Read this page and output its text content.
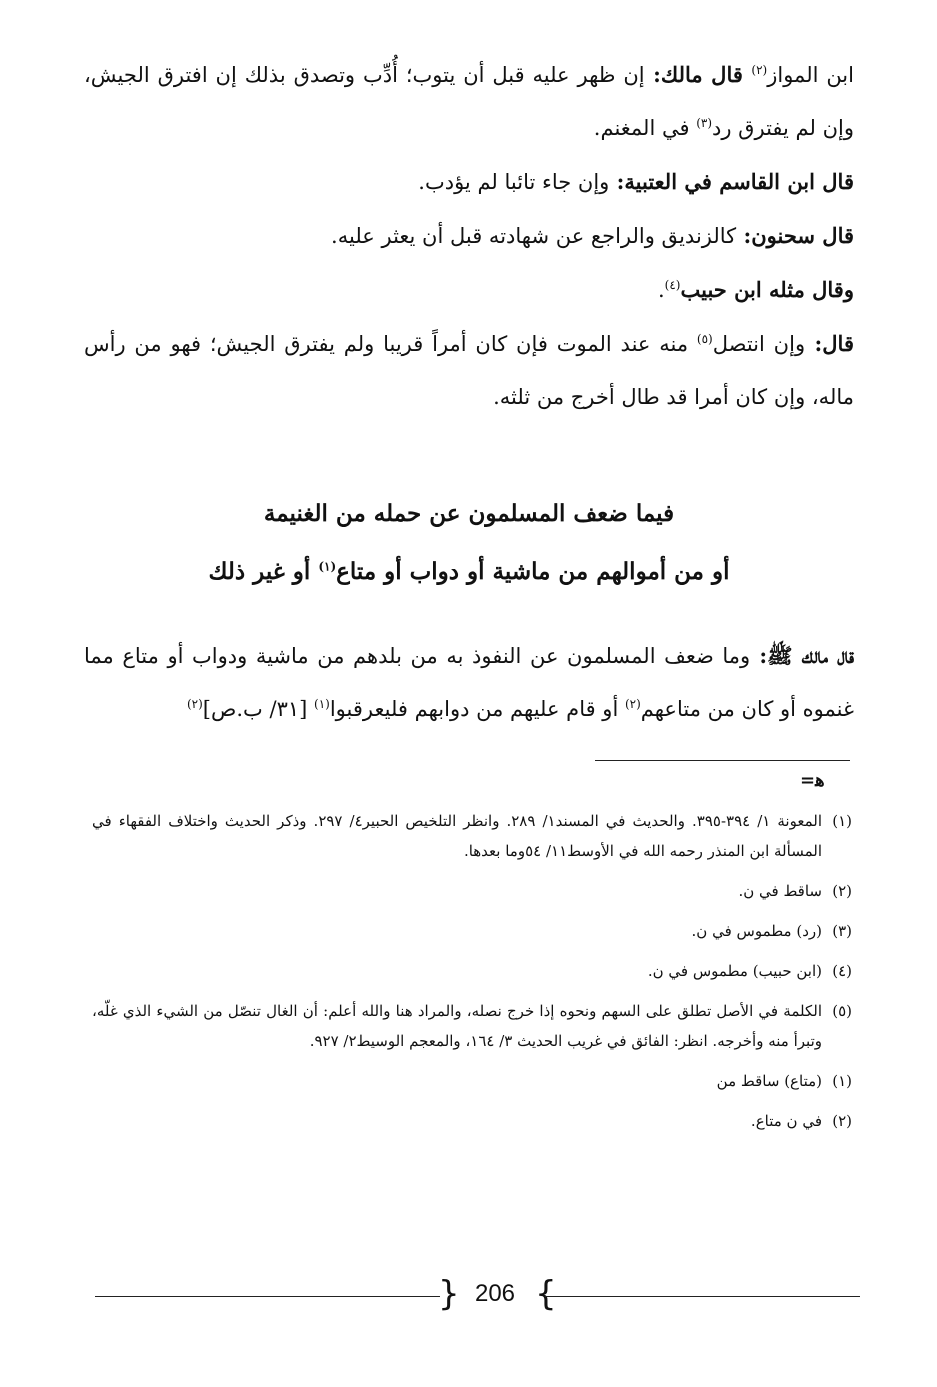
ابن المواز$^{(٢)}$ قال مالك: إن ظهر عليه قبل أن يتوب؛ أُدِّب وتصدق بذلك إن افترق الجيش، وإن لم يفترق رد$^{(٣)}$ في المغنم.

قال ابن القاسم في العتبية: وإن جاء تائبا لم يؤدب.

قال سحنون: كالزنديق والراجع عن شهادته قبل أن يعثر عليه.

وقال مثله ابن حبيب$^{(٤)}$.

قال: وإن انتصل$^{(٥)}$ منه عند الموت فإن كان أمراً قريبا ولم يفترق الجيش؛ فهو من رأس ماله، وإن كان أمرا قد طال أخرج من ثلثه.

فيما ضعف المسلمون عن حمله من الغنيمة
أو من أموالهم من ماشية أو دواب أو متاع$^{(١)}$ أو غير ذلك

قال مالك ﷺ: وما ضعف المسلمون عن النفوذ به من بلدهم من ماشية ودواب أو متاع مما غنموه أو كان من متاعهم$^{(٢)}$ أو قام عليهم من دوابهم فليعرقبوا$^{(١)}$ [٣١/ ب.ص]$^{(٢)}$

ﻫ=
(١)
المعونة ١/ ٣٩٤-٣٩٥. والحديث في المسند١/ ٢٨٩. وانظر التلخيص الحبير٤/ ٢٩٧. وذكر الحديث واختلاف الفقهاء في المسألة ابن المنذر رحمه الله في الأوسط١١/ ٥٤وما بعدها.
(٢)
ساقط في ن.
(٣)
(رد) مطموس في ن.
(٤)
(ابن حبيب) مطموس في ن.
(٥)
الكلمة في الأصل تطلق على السهم ونحوه إذا خرج نصله، والمراد هنا والله أعلم: أن الغال تنصّل من الشيء الذي غلّه، وتبرأ منه وأخرجه. انظر: الفائق في غريب الحديث ٣/ ١٦٤، والمعجم الوسيط٢/ ٩٢٧.
(١)
(متاع) ساقط من
(٢)
في ن متاع.
{ 206 }
